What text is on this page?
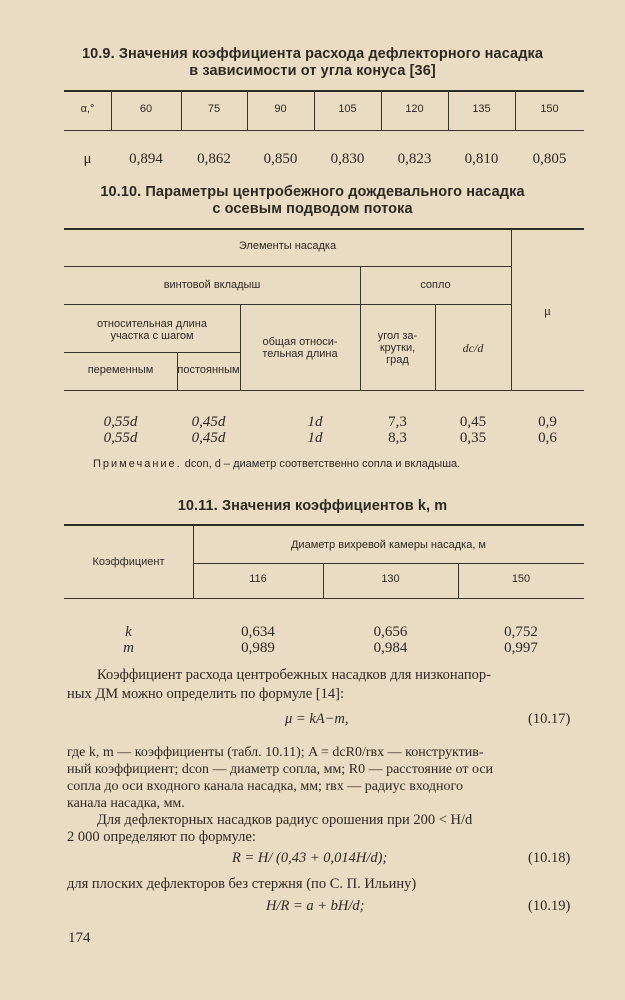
10.9. Значения коэффициента расхода дефлекторного насадка
в зависимости от угла конуса [36]
α,°	60	75	90	105	120	135	150
μ	0,894	0,862	0,850	0,830	0,823	0,810	0,805
10.10. Параметры центробежного дождевального насадка
с осевым подводом потока
Элементы насадка
винтовой вкладыш	сопло
μ
относительная длина
участка с шагом	общая относи-
тельная длина
угол за-
крутки,
град
dc/d
переменным	постоянным
0,55d	0,45d	1d	7,3	0,45	0,9
0,55d	0,45d	1d	8,3	0,35	0,6
Примечание. dcon, d – диаметр соответственно сопла и вкладыша.
10.11. Значения коэффициентов k, m
Коэффициент
Диаметр вихревой камеры насадка, м
116	130	150
k	0,634	0,656	0,752
m	0,989	0,984	0,997
Коэффициент расхода центробежных насадков для низконапор-
ных ДМ можно определить по формуле [14]:
μ = kA−m,	(10.17)
где k, m — коэффициенты (табл. 10.11); A = dcR0/rвх — конструктив-
ный коэффициент; dcon — диаметр сопла, мм; R0 — расстояние от оси
сопла до оси входного канала насадка, мм; rвх — радиус входного
канала насадка, мм.
Для дефлекторных насадков радиус орошения при 200 < H/d
2 000 определяют по формуле:
R = H/ (0,43 + 0,014H/d);	(10.18)
для плоских дефлекторов без стержня (по С. П. Ильину)
H/R = a + bH/d;	(10.19)
174
